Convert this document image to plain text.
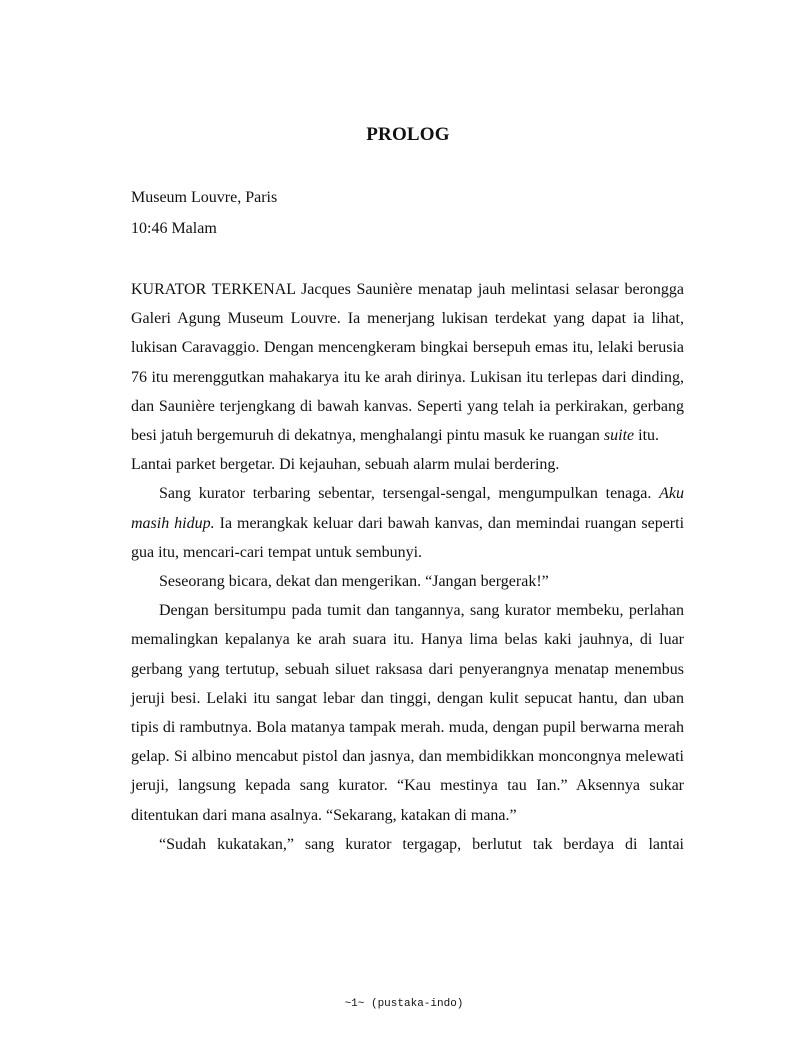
PROLOG
Museum Louvre, Paris
10:46 Malam

KURATOR TERKENAL Jacques Saunière menatap jauh melintasi selasar berongga Galeri Agung Museum Louvre. Ia menerjang lukisan terdekat yang dapat ia lihat, lukisan Caravaggio. Dengan mencengkeram bingkai bersepuh emas itu, lelaki berusia 76 itu merenggutkan mahakarya itu ke arah dirinya. Lukisan itu terlepas dari dinding, dan Saunière terjengkang di bawah kanvas. Seperti yang telah ia perkirakan, gerbang besi jatuh bergemuruh di dekatnya, menghalangi pintu masuk ke ruangan suite itu.

Lantai parket bergetar. Di kejauhan, sebuah alarm mulai berdering.

Sang kurator terbaring sebentar, tersengal-sengal, mengumpulkan tenaga. Aku masih hidup. Ia merangkak keluar dari bawah kanvas, dan memindai ruangan seperti gua itu, mencari-cari tempat untuk sembunyi.

Seseorang bicara, dekat dan mengerikan. “Jangan bergerak!”

Dengan bersitumpu pada tumit dan tangannya, sang kurator membeku, perlahan memalingkan kepalanya ke arah suara itu. Hanya lima belas kaki jauhnya, di luar gerbang yang tertutup, sebuah siluet raksasa dari penyerangnya menatap menembus jeruji besi. Lelaki itu sangat lebar dan tinggi, dengan kulit sepucat hantu, dan uban tipis di rambutnya. Bola matanya tampak merah. muda, dengan pupil berwarna merah gelap. Si albino mencabut pistol dan jasnya, dan membidikkan moncongnya melewati jeruji, langsung kepada sang kurator. “Kau mestinya tau Ian.” Aksennya sukar ditentukan dari mana asalnya. “Sekarang, katakan di mana.”

“Sudah kukatakan,” sang kurator tergagap, berlutut tak berdaya di lantai

~1~ (pustaka-indo)
